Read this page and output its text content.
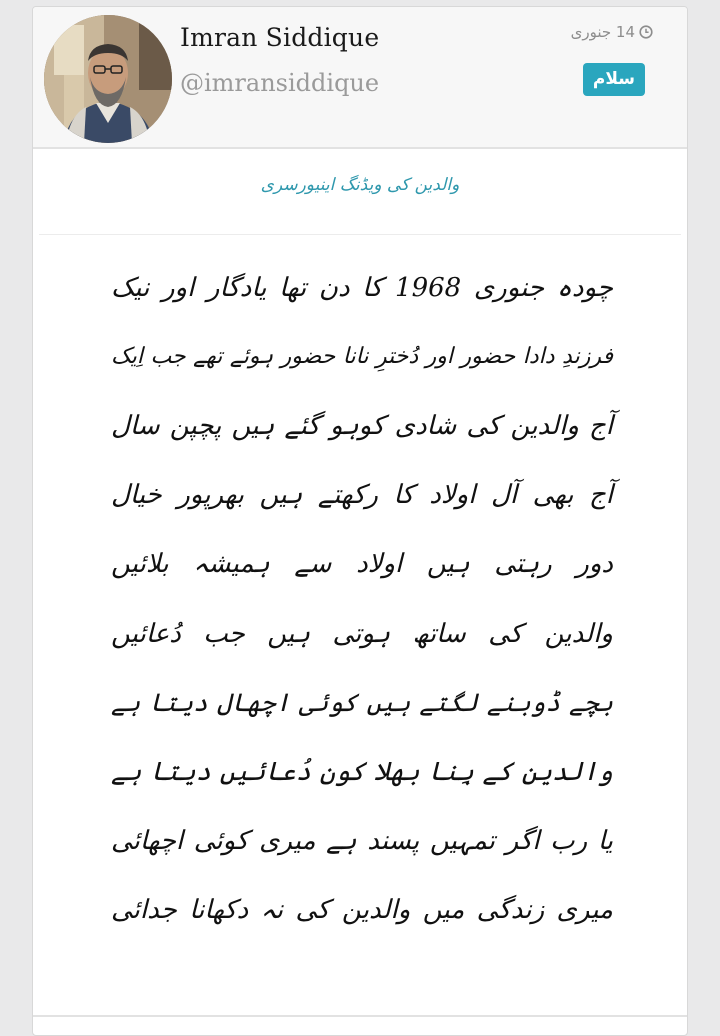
Imran Siddique
@imransiddique
14 جنوری
سلام
والدین کی ویڈنگ اینیورسری
چودہ جنوری 1968 کا دن تھا یادگار اور نیک
فرزندِ دادا حضور اور دُخترِ نانا حضور ہوئے تھے جب اِیک
آج والدین کی شادی کوہو گئے ہیں پچپن سال
آج بھی آل اولاد کا رکھتے ہیں بھرپور خیال
دور رہتی ہیں اولاد سے ہمیشہ بلائیں
والدین کی ساتھ ہوتی ہیں جب دُعائیں
بچے ڈوبنے لگتے ہیں کوئی اچھال دیتا ہے
والدین کے بِنا بھلا کون دُعائیں دیتا ہے
یا رب اگر تمہیں پسند ہے میری کوئی اچھائی
میری زندگی میں والدین کی نہ دکھانا جدائی
